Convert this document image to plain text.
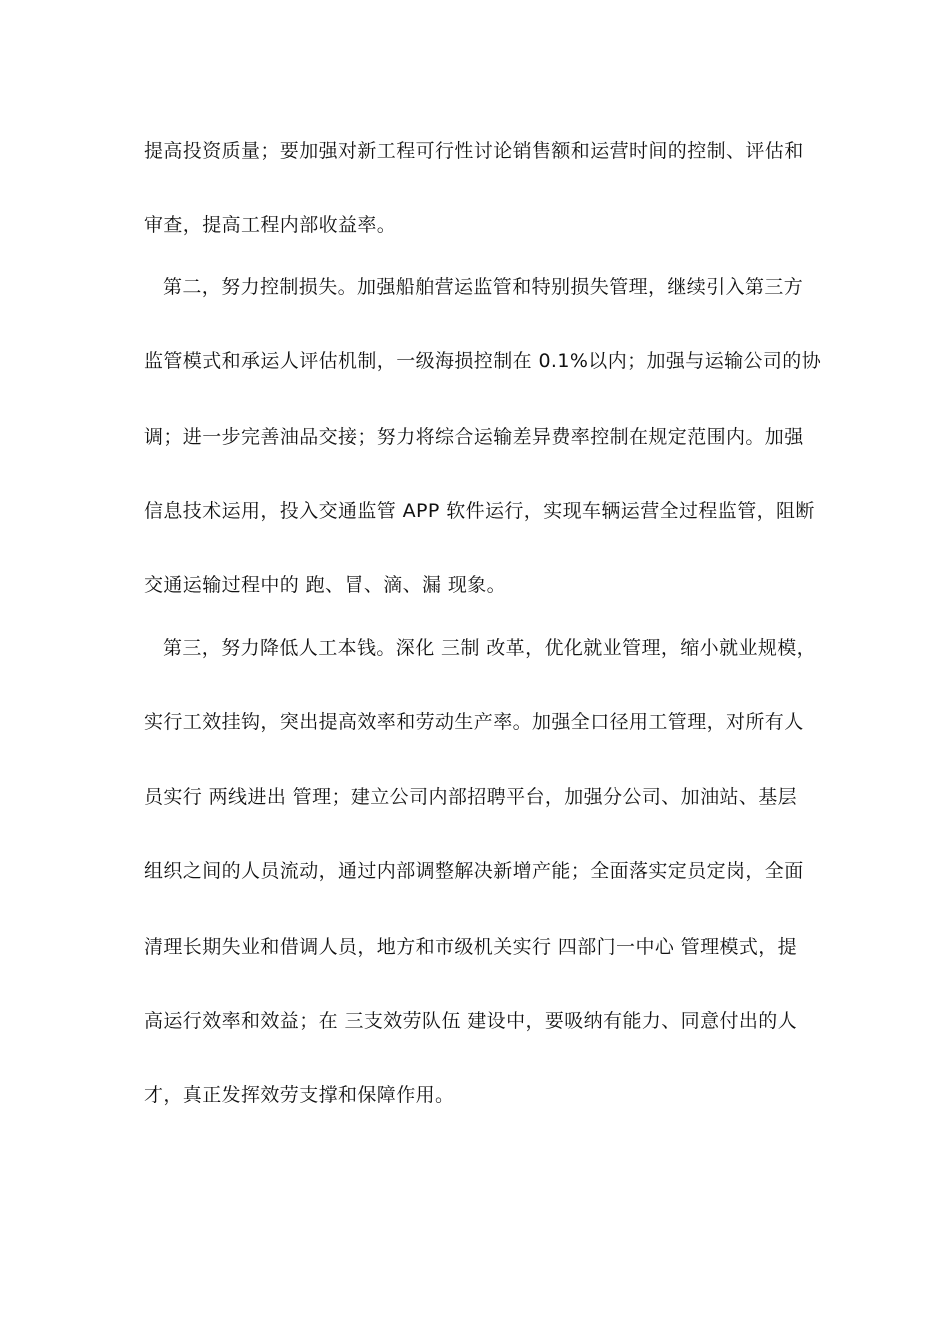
提高投资质量；要加强对新工程可行性讨论销售额和运营时间的控制、评估和
审查，提高工程内部收益率。
第二，努力控制损失。加强船舶营运监管和特别损失管理，继续引入第三方
监管模式和承运人评估机制，一级海损控制在 0.1%以内；加强与运输公司的协
调；进一步完善油品交接；努力将综合运输差异费率控制在规定范围内。加强
信息技术运用，投入交通监管 APP 软件运行，实现车辆运营全过程监管，阻断
交通运输过程中的 跑、冒、滴、漏 现象。
第三，努力降低人工本钱。深化 三制 改革，优化就业管理，缩小就业规模，
实行工效挂钩，突出提高效率和劳动生产率。加强全口径用工管理，对所有人
员实行 两线进出 管理；建立公司内部招聘平台，加强分公司、加油站、基层
组织之间的人员流动，通过内部调整解决新增产能；全面落实定员定岗，全面
清理长期失业和借调人员，地方和市级机关实行 四部门一中心 管理模式，提
高运行效率和效益；在 三支效劳队伍 建设中，要吸纳有能力、同意付出的人
才，真正发挥效劳支撑和保障作用。
